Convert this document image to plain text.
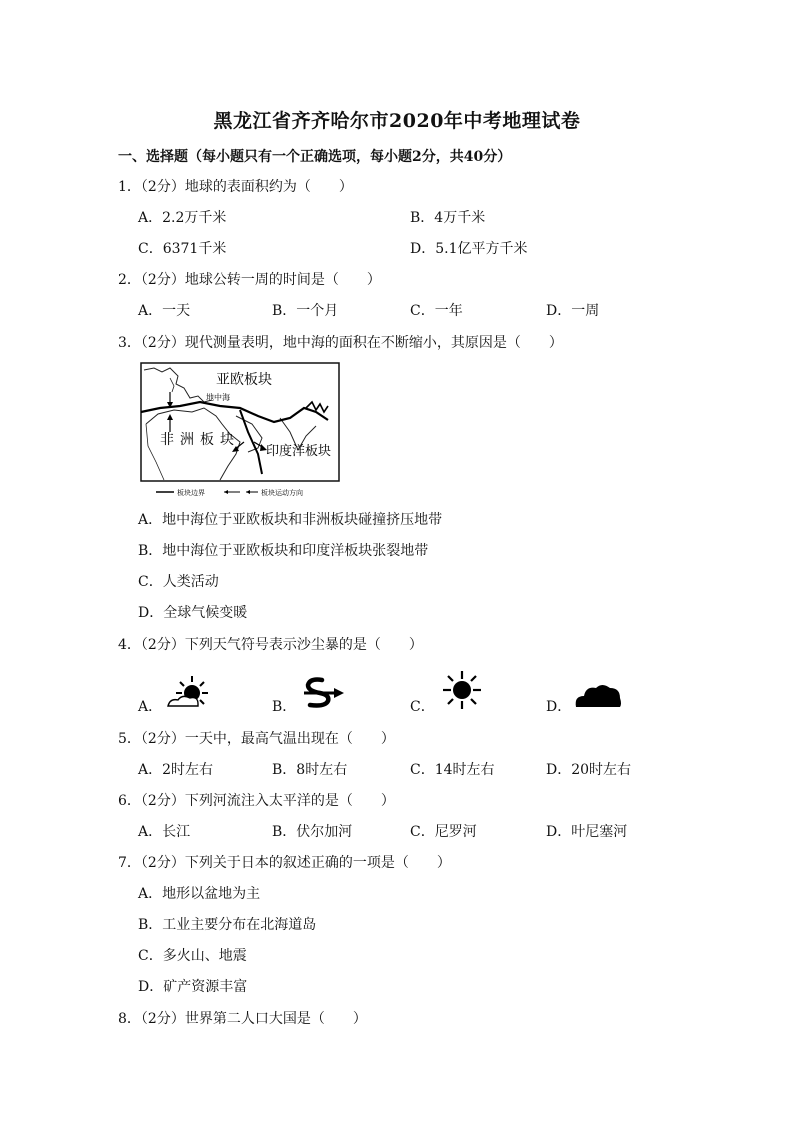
黑龙江省齐齐哈尔市2020年中考地理试卷
一、选择题（每小题只有一个正确选项，每小题2分，共40分）
1．（2分）地球的表面积约为（　　）
A．2.2万千米	B．4万千米
C．6371千米	D．5.1亿平方千米
2．（2分）地球公转一周的时间是（　　）
A．一天	B．一个月	C．一年	D．一周
3．（2分）现代测量表明，地中海的面积在不断缩小，其原因是（　　）
亚欧板块
地中海
非洲板块
印度洋板块
板块边界	板块运动方向
A．地中海位于亚欧板块和非洲板块碰撞挤压地带
B．地中海位于亚欧板块和印度洋板块张裂地带
C．人类活动
D．全球气候变暖
4．（2分）下列天气符号表示沙尘暴的是（　　）
A．	B．	C．	D．
5．（2分）一天中，最高气温出现在（　　）
A．2时左右	B．8时左右	C．14时左右	D．20时左右
6．（2分）下列河流注入太平洋的是（　　）
A．长江	B．伏尔加河	C．尼罗河	D．叶尼塞河
7．（2分）下列关于日本的叙述正确的一项是（　　）
A．地形以盆地为主
B．工业主要分布在北海道岛
C．多火山、地震
D．矿产资源丰富
8．（2分）世界第二人口大国是（　　）
